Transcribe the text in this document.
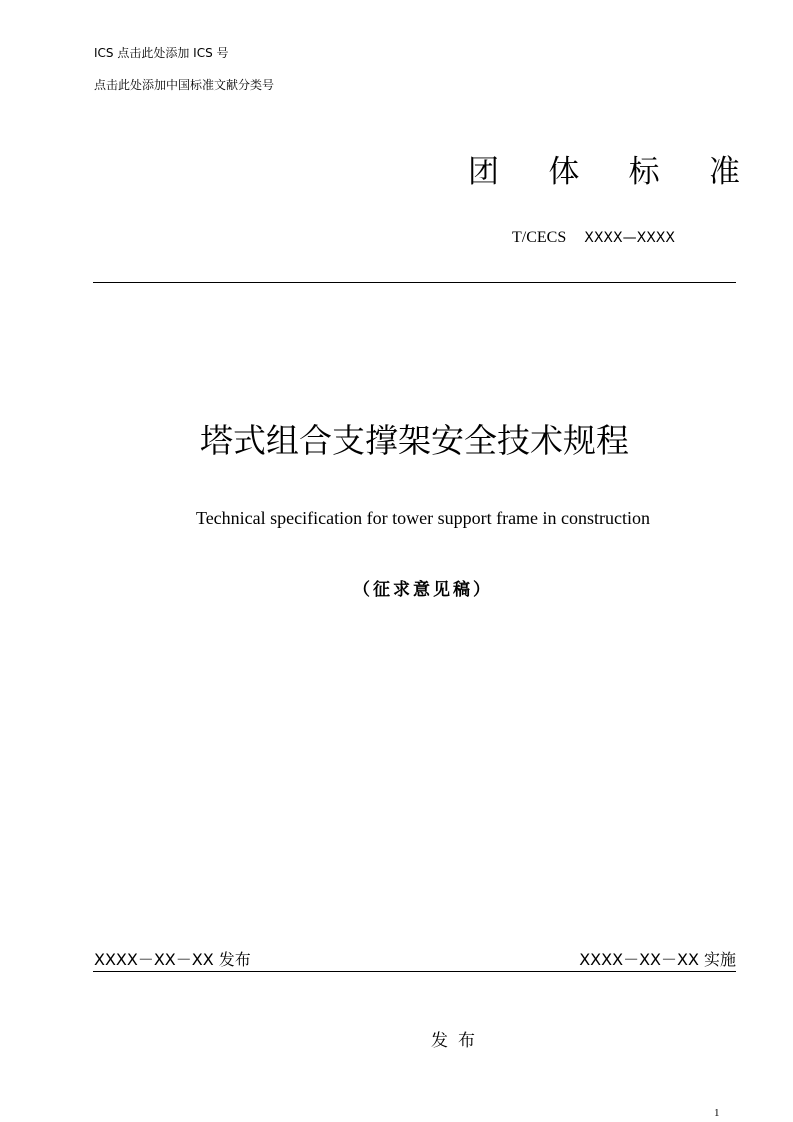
ICS 点击此处添加 ICS 号
点击此处添加中国标准文献分类号
团 体 标 准
T/CECS XXXX—XXXX
塔式组合支撑架安全技术规程
Technical specification for tower support frame in construction
（征求意见稿）
XXXX－XX－XX 发布	XXXX－XX－XX 实施
发布
1
